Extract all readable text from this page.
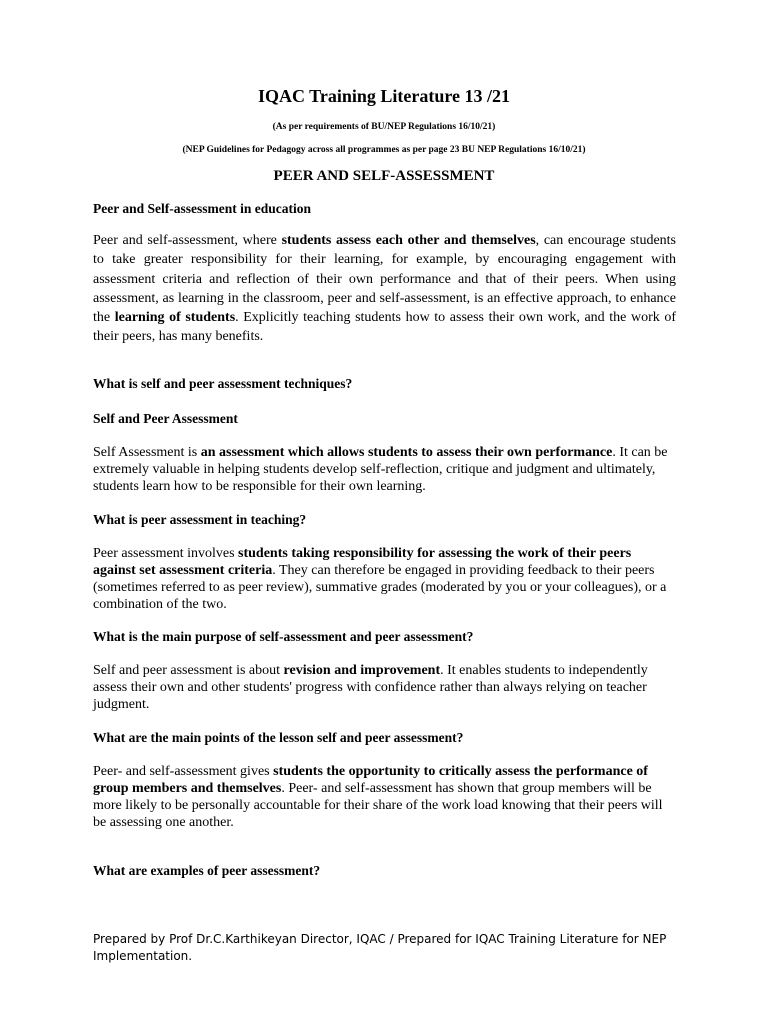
IQAC Training Literature 13 /21
(As per requirements of BU/NEP Regulations 16/10/21)
(NEP Guidelines for Pedagogy across all programmes as per page 23 BU NEP Regulations 16/10/21)
PEER AND SELF-ASSESSMENT
Peer and Self-assessment in education
Peer and self-assessment, where students assess each other and themselves, can encourage students to take greater responsibility for their learning, for example, by encouraging engagement with assessment criteria and reflection of their own performance and that of their peers. When using assessment, as learning in the classroom, peer and self-assessment, is an effective approach, to enhance the learning of students. Explicitly teaching students how to assess their own work, and the work of their peers, has many benefits.
What is self and peer assessment techniques?
Self and Peer Assessment
Self Assessment is an assessment which allows students to assess their own performance. It can be extremely valuable in helping students develop self-reflection, critique and judgment and ultimately, students learn how to be responsible for their own learning.
What is peer assessment in teaching?
Peer assessment involves students taking responsibility for assessing the work of their peers against set assessment criteria. They can therefore be engaged in providing feedback to their peers (sometimes referred to as peer review), summative grades (moderated by you or your colleagues), or a combination of the two.
What is the main purpose of self-assessment and peer assessment?
Self and peer assessment is about revision and improvement. It enables students to independently assess their own and other students' progress with confidence rather than always relying on teacher judgment.
What are the main points of the lesson self and peer assessment?
Peer- and self-assessment gives students the opportunity to critically assess the performance of group members and themselves. Peer- and self-assessment has shown that group members will be more likely to be personally accountable for their share of the work load knowing that their peers will be assessing one another.
What are examples of peer assessment?
Prepared by Prof Dr.C.Karthikeyan Director, IQAC / Prepared for IQAC Training Literature for NEP Implementation.
